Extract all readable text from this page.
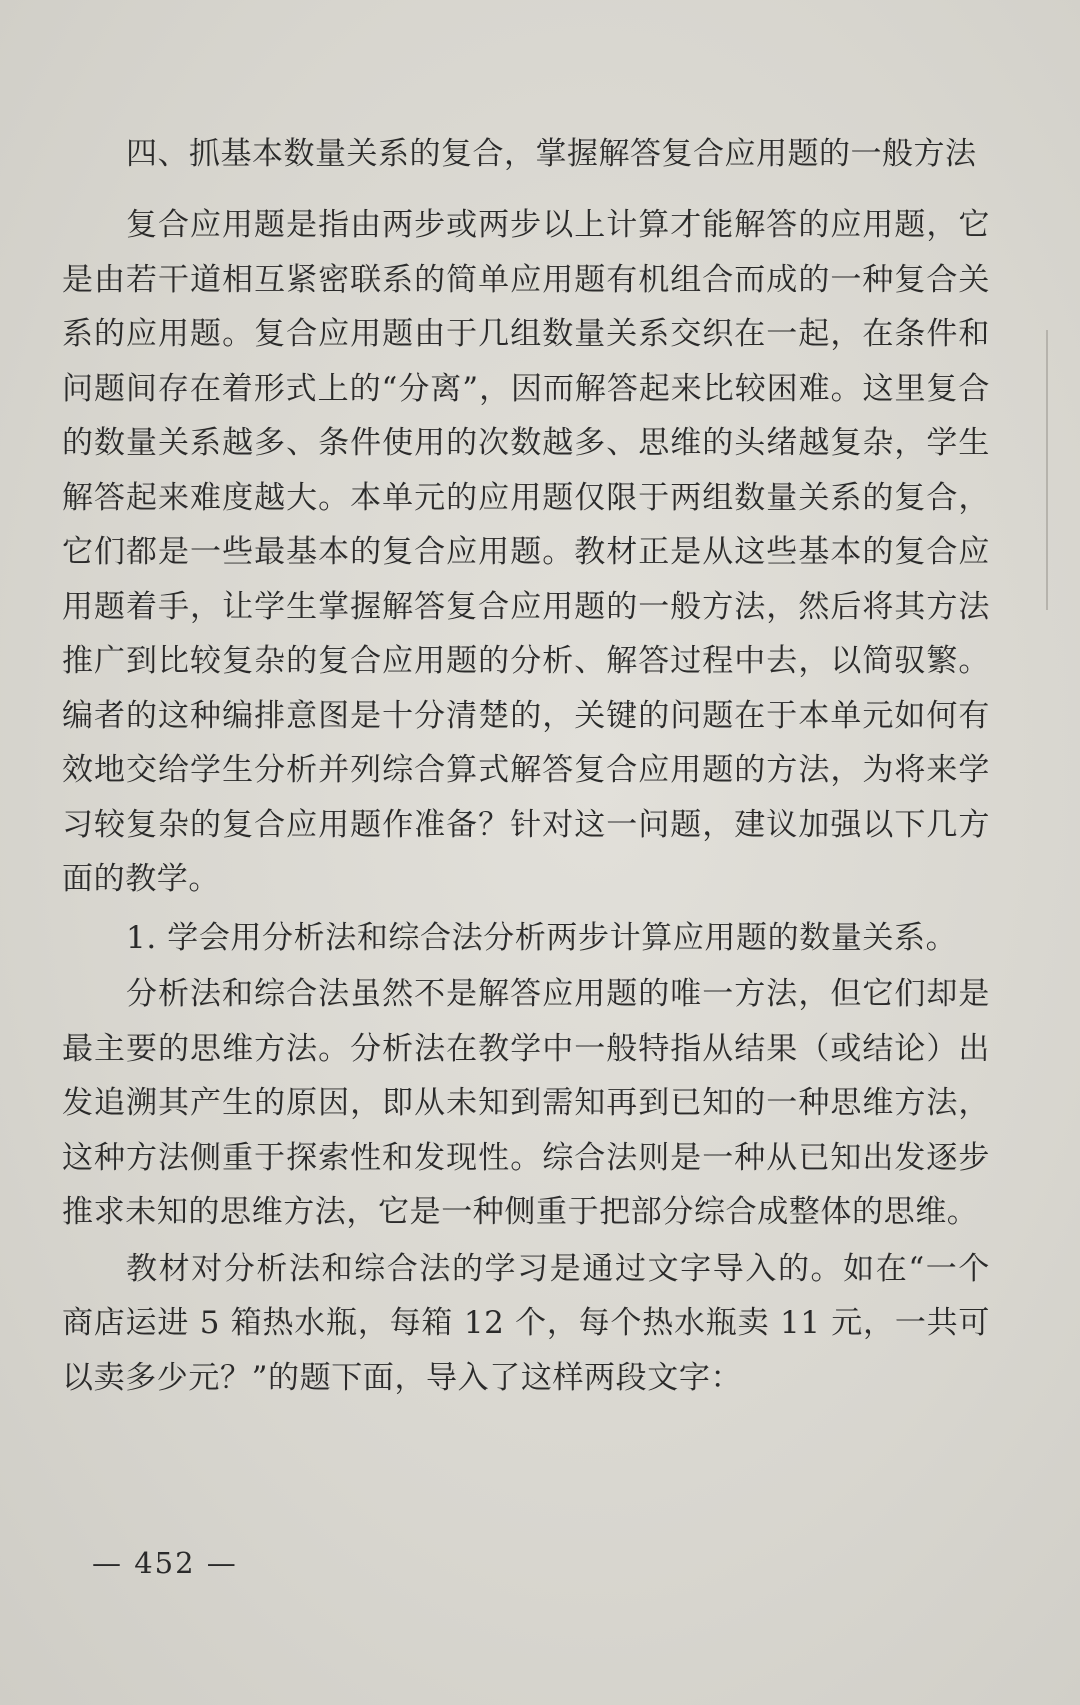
四、抓基本数量关系的复合，掌握解答复合应用题的一般方法

复合应用题是指由两步或两步以上计算才能解答的应用题，它是由若干道相互紧密联系的简单应用题有机组合而成的一种复合关系的应用题。复合应用题由于几组数量关系交织在一起，在条件和问题间存在着形式上的“分离”，因而解答起来比较困难。这里复合的数量关系越多、条件使用的次数越多、思维的头绪越复杂，学生解答起来难度越大。本单元的应用题仅限于两组数量关系的复合，它们都是一些最基本的复合应用题。教材正是从这些基本的复合应用题着手，让学生掌握解答复合应用题的一般方法，然后将其方法推广到比较复杂的复合应用题的分析、解答过程中去，以简驭繁。编者的这种编排意图是十分清楚的，关键的问题在于本单元如何有效地交给学生分析并列综合算式解答复合应用题的方法，为将来学习较复杂的复合应用题作准备？针对这一问题，建议加强以下几方面的教学。

1. 学会用分析法和综合法分析两步计算应用题的数量关系。

分析法和综合法虽然不是解答应用题的唯一方法，但它们却是最主要的思维方法。分析法在教学中一般特指从结果（或结论）出发追溯其产生的原因，即从未知到需知再到已知的一种思维方法，这种方法侧重于探索性和发现性。综合法则是一种从已知出发逐步推求未知的思维方法，它是一种侧重于把部分综合成整体的思维。

教材对分析法和综合法的学习是通过文字导入的。如在“一个商店运进 5 箱热水瓶，每箱 12 个，每个热水瓶卖 11 元，一共可以卖多少元？”的题下面，导入了这样两段文字：

— 452 —
